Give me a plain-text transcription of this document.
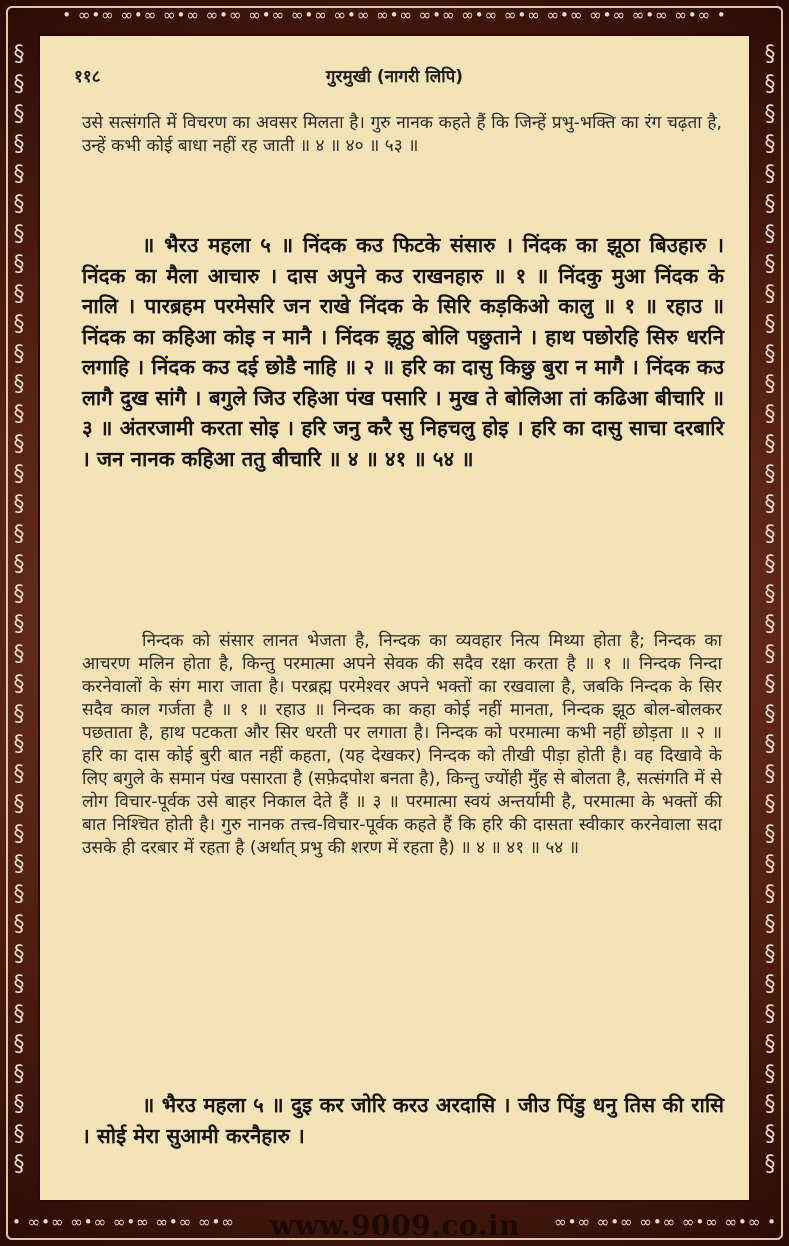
• ∞•∞ ∞•∞ ∞•∞ ∞•∞ ∞•∞ ∞•∞ ∞•∞ ∞•∞ ∞•∞ ∞•∞ ∞•∞ ∞•∞ ∞•∞ ∞•∞ ∞•∞ •
• ∞•∞ ∞•∞ ∞•∞ ∞•∞ ∞•∞	∞•∞ ∞•∞ ∞•∞ ∞•∞ ∞•∞ •
§
§
§
§
§
§
§
§
§
§
§
§
§
§
§
§
§
§
§
§
§
§
§
§
§
§
§
§
§
§
§
§
§
§
§
§
§
§
§
§
§
§
§
§
§
§
§
§
§
§
§
§
§
§
§
§
§
§
§
§
§
§
§
§
§
§
§
§
§
§
§
§
§
§
§
§
११८	गुरमुखी (नागरी लिपि)

उसे सत्संगति में विचरण का अवसर मिलता है। गुरु नानक कहते हैं कि जिन्हें प्रभु-भक्ति का रंग चढ़ता है, उन्हें कभी कोई बाधा नहीं रह जाती ॥ ४ ॥ ४० ॥ ५३ ॥

॥ भैरउ महला ५ ॥ निंदक कउ फिटके संसारु । निंदक का झूठा बिउहारु । निंदक का मैला आचारु । दास अपुने कउ राखनहारु ॥ १ ॥ निंदकु मुआ निंदक के नालि । पारब्रहम परमेसरि जन राखे निंदक के सिरि कड़किओ कालु ॥ १ ॥ रहाउ ॥ निंदक का कहिआ कोइ न मानै । निंदक झूठु बोलि पछुताने । हाथ पछोरहि सिरु धरनि लगाहि । निंदक कउ दई छोडै नाहि ॥ २ ॥ हरि का दासु किछु बुरा न मागै । निंदक कउ लागै दुख सांगै । बगुले जिउ रहिआ पंख पसारि । मुख ते बोलिआ तां कढिआ बीचारि ॥ ३ ॥ अंतरजामी करता सोइ । हरि जनु करै सु निहचलु होइ । हरि का दासु साचा दरबारि । जन नानक कहिआ ततु बीचारि ॥ ४ ॥ ४१ ॥ ५४ ॥

निन्दक को संसार लानत भेजता है, निन्दक का व्यवहार नित्य मिथ्या होता है; निन्दक का आचरण मलिन होता है, किन्तु परमात्मा अपने सेवक की सदैव रक्षा करता है ॥ १ ॥ निन्दक निन्दा करनेवालों के संग मारा जाता है। परब्रह्म परमेश्वर अपने भक्तों का रखवाला है, जबकि निन्दक के सिर सदैव काल गर्जता है ॥ १ ॥ रहाउ ॥ निन्दक का कहा कोई नहीं मानता, निन्दक झूठ बोल-बोलकर पछताता है, हाथ पटकता और सिर धरती पर लगाता है। निन्दक को परमात्मा कभी नहीं छोड़ता ॥ २ ॥ हरि का दास कोई बुरी बात नहीं कहता, (यह देखकर) निन्दक को तीखी पीड़ा होती है। वह दिखावे के लिए बगुले के समान पंख पसारता है (सफ़ेदपोश बनता है), किन्तु ज्योंही मुँह से बोलता है, सत्संगति में से लोग विचार-पूर्वक उसे बाहर निकाल देते हैं ॥ ३ ॥ परमात्मा स्वयं अन्तर्यामी है, परमात्मा के भक्तों की बात निश्चित होती है। गुरु नानक तत्त्व-विचार-पूर्वक कहते हैं कि हरि की दासता स्वीकार करनेवाला सदा उसके ही दरबार में रहता है (अर्थात् प्रभु की शरण में रहता है) ॥ ४ ॥ ४१ ॥ ५४ ॥

॥ भैरउ महला ५ ॥ दुइ कर जोरि करउ अरदासि । जीउ पिंडु धनु तिस की रासि । सोई मेरा सुआमी करनैहारु ।

www.9009.co.in
